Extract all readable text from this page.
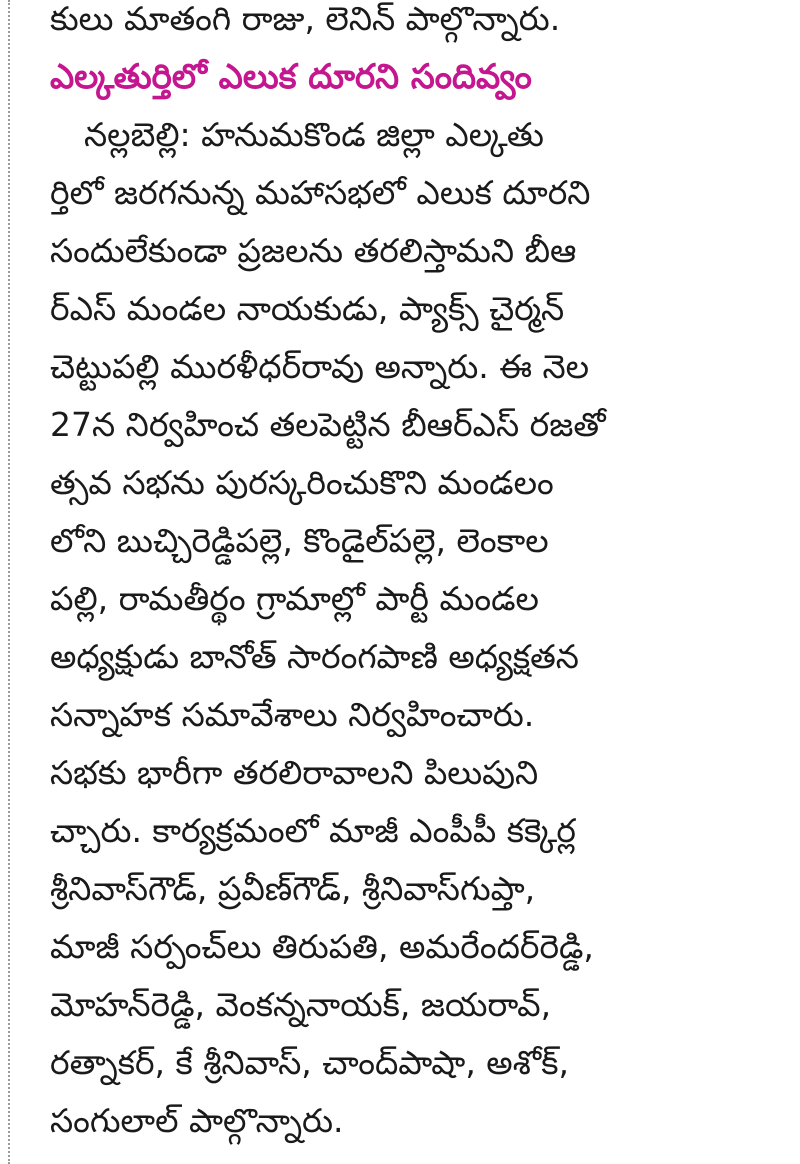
కులు మాతంగి రాజు, లెనిన్ పాల్గొన్నారు.
ఎల్కతుర్తిలో ఎలుక దూరని సందివ్వం
నల్లబెల్లి: హనుమకొండ జిల్లా ఎల్కతు
ర్తిలో జరగనున్న మహాసభలో ఎలుక దూరని
సందులేకుండా ప్రజలను తరలిస్తామని బీఆ
ర్ఎస్ మండల నాయకుడు, ప్యాక్స్ చైర్మన్
చెట్టుపల్లి మురళీధర్‌రావు అన్నారు. ఈ నెల
27న నిర్వహించ తలపెట్టిన బీఆర్ఎస్ రజతో
త్సవ సభను పురస్కరించుకొని మండలం
లోని బుచ్చిరెడ్డిపల్లె, కొండైల్‌పల్లె, లెంకాల
పల్లి, రామతీర్థం గ్రామాల్లో పార్టీ మండల
అధ్యక్షుడు బానోత్ సారంగపాణి అధ్యక్షతన
సన్నాహక సమావేశాలు నిర్వహించారు.
సభకు భారీగా తరలిరావాలని పిలుపుని
చ్చారు. కార్యక్రమంలో మాజీ ఎంపీపీ కక్కెర్ల
శ్రీనివాస్‌గౌడ్, ప్రవీణ్‌గౌడ్, శ్రీనివాస్‌గుప్తా,
మాజీ సర్పంచ్‌లు తిరుపతి, అమరేందర్‌రెడ్డి,
మోహన్‌రెడ్డి, వెంకన్ననాయక్, జయరావ్,
రత్నాకర్, కే శ్రీనివాస్, చాంద్‌పాషా, అశోక్,
సంగులాల్ పాల్గొన్నారు.
